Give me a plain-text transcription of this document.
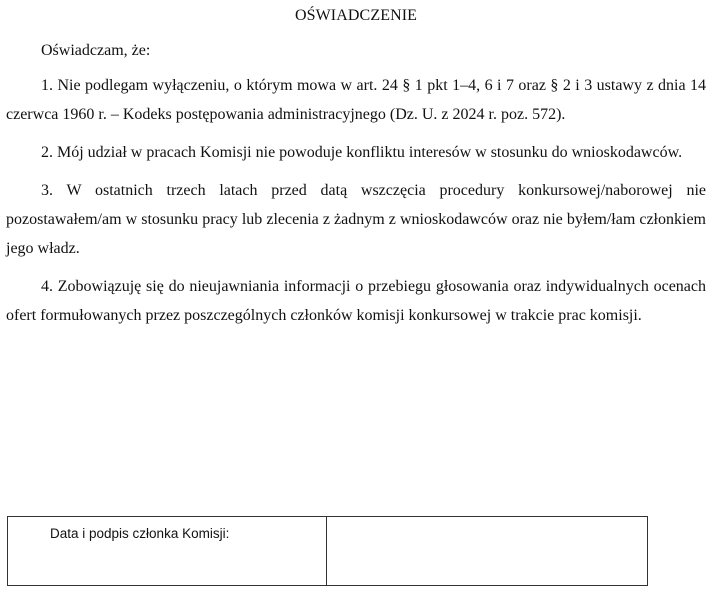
OŚWIADCZENIE
Oświadczam, że:

1. Nie podlegam wyłączeniu, o którym mowa w art. 24 § 1 pkt 1–4, 6 i 7 oraz § 2 i 3 ustawy z dnia 14 czerwca 1960 r. – Kodeks postępowania administracyjnego (Dz. U. z 2024 r. poz. 572).

2. Mój udział w pracach Komisji nie powoduje konfliktu interesów w stosunku do wnioskodawców.

3. W ostatnich trzech latach przed datą wszczęcia procedury konkursowej/naborowej nie pozostawałem/am w stosunku pracy lub zlecenia z żadnym z wnioskodawców oraz nie byłem/łam członkiem jego władz.

4. Zobowiązuję się do nieujawniania informacji o przebiegu głosowania oraz indywidualnych ocenach ofert formułowanych przez poszczególnych członków komisji konkursowej w trakcie prac komisji.

Data i podpis członka Komisji:
